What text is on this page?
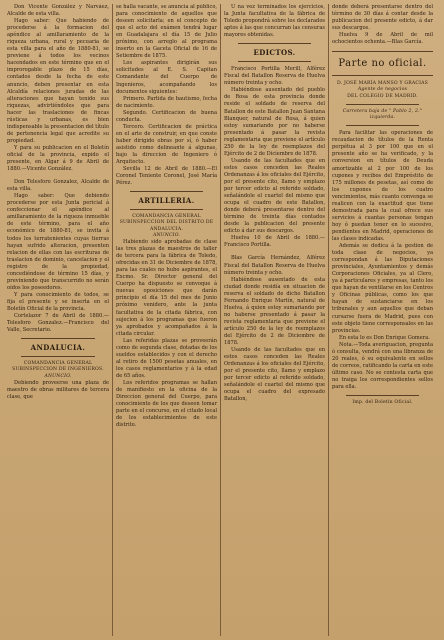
Don Vicente González y Narváez, Alcalde de esta villa.

Hago saber: Que habiendo de procederse á la formacion del apéndice al amillaramiento de la riqueza urbana, rural y pecuaria de esta villa para el año de 1880-81, se previene á todos los vecinos hacendados en este término que en el improrogable plazo de 15 días, contados desde la fecha de este anuncio, deben presentar en esta Alcaldía relaciones juradas de las alteraciones que hayan tenido sus riquezas, advirtiéndoles que para hacer las traslaciones de fincas rústicas y urbanas, es bien indispensable la presentacion del título de pertenencia legal que acredite su propiedad.

Y para su publicacion en el Boletín oficial de la provincia, expido el presente, en Algar á 9 de Abril de 1880.—Vicente González.

Don Telesforo Gonzalez, Alcalde de esta villa.

Hago saber: Que debiendo procederse por esta Junta pericial á confeccionar el apéndice al amillaramiento de la riqueza inmueble de este término, para el año económico de 1880-81, se invita á todos los terratenientes cuyas tierras hayan sufrido alteracion, presenten relacion de ellas con las escrituras de traslacion de dominio, cancelacion y el registro de la propiedad, concediéndose de término 15 días, y previniendo que transcurrido no serán oidos los poseedores.

Y para conocimiento de todos, se fija el presente y se inserta en el Boletín Oficial de la provincia.

Cortelazor 7 de Abril de 1880.—Telesforo Gonzalez.—Francisco del Valle, Secretario.

ANDALUCIA.
COMANDANCIA GENERAL SUBINSPECCION DE INGENIEROS.
ANUNCIO.

Debiendo proveerse una plaza de maestro de obras militares de tercera clase, que

se halla vacante, se anuncia al público, para conocimiento de aquellos que deseen solicitarla; en el concepto de que el acto del exámen tendrá lugar en Guadalajara el día 15 de Julio próximo, con arreglo al programa inserto en la Gaceta Oficial de 16 de Setiembre de 1875.

Los aspirantes dirigirán sus solicitudes al E. S. Capitan Comandante del Cuerpo de Ingenieros, acompañando los documentos siguientes:

Primero. Partida de bautismo, fecha de nacimiento.

Segundo. Certificacion de buena conducta.

Tercero. Certificacion de práctica en el arte de construir, en que conste haber dirigido obras por sí, ó haber asistido como delineante á algunas, bajo la direccion de Ingeniero ó Arquitecto.

Sevilla 12 de Abril de 1880.—El Coronel Teniente Coronel, José María Pérez.

ARTILLERIA.
COMANDANCIA GENERAL SUBINSPECCION DEL DISTRITO DE ANDALUCIA.
ANUNCIO.

Habiendo sido aprobadas de clase las tres plazas de maestros de taller de tercera para la fábrica de Toledo, ofrecidas en 31 de Diciembre de 1878, para las cuales no hubo aspirantes, el Excmo. Sr. Director general del Cuerpo ha dispuesto se convoque á nuevas oposiciones que darán principio el día 15 del mes de Junio próximo venidero, ante la junta facultativa de la citada fábrica, con sujecion á los programas que fueron ya aprobados y acompañados á la citada circular.

Las referidas plazas se proveerán como de segunda clase, dotadas de los sueldos establecidos y con el derecho al retiro de 1500 pesetas anuales, en los casos reglamentarios y á la edad de 65 años.

Los referidos programas se hallan de manifiesto en la oficina de la Direccion general del Cuerpo, para conocimiento de los que deseen tomar parte en el concurso, en el citado local de los establecimientos de este distrito.

U na vez terminados los ejercicios, la Junta facultativa de la fábrica de Toledo propondrá sobre los declarados aptos á las que concurran las censuras mayores obtenidas.

EDICTOS.

Francisco Portilla Merill, Alférez Fiscal del Batallon Reserva de Huelva número treinta y ocho.

Habiéndose ausentado del pueblo de Rosa de esta provincia donde reside el soldado de reserva del Batallon de este Batallon Juan Santana Blanquer, natural de Rosa, á quien estoy sumariando por no haberse presentado á pasar la revista reglamentaria que previene el artículo 250 de la ley de reemplazos del Ejército de 2 de Diciembre de 1878.

Usando de las facultades que en estos casos conceden las Reales Ordenanzas á los oficiales del Ejército, por el presente cito, llamo y emplazo por tercer edicto al referido soldado, señalándole el cuartel del mismo que ocupa el cuadro de este Batallon, donde deberá presentarse dentro del término de treinta días contados desde la publicacion del presente edicto á dar sus descargos.

Huelva 10 de Abril de 1880.—Francisco Portilla.

Blas García Hernández, Alférez Fiscal del Batallon Reserva de Huelva número treinta y ocho.

Habiéndose ausentado de esta ciudad donde residía en situacion de reserva el soldado de dicho Batallon Fernando Enrique Martín, natural de Huelva, á quien estoy sumariando por no haberse presentado á pasar la revista reglamentaria que previene el artículo 250 de la ley de reemplazos del Ejército de 2 de Diciembre de 1878.

Usando de las facultades que en estos casos conceden las Reales Ordenanzas á los oficiales del Ejército, por el presente cito, llamo y emplazo por tercer edicto al referido soldado, señalándole el cuartel del mismo que ocupa el cuadro del expresado Batallon,

donde deberá presentarse dentro del término de 30 días á contar desde la publicacion del presente edicto, á dar sus descargos.

Huelva 9 de Abril de mil ochocientos ochenta.—Blas García.

Parte no oficial.
D. JOSÉ MARÍA MANSO Y GRACIAS
Agente de negocios
DEL COLEGIO DE MADRID.
Carretera baja de " Pablo 2, 2.° izquierda.

Para facilitar las operaciones de recaudacion de títulos de la Renta perpétua al 3 por 100 que en el presente año se ha verificado, y la conversion en títulos de Deuda amortizable al 2 por 100 de los cupones y recibos del Empréstito de 175 millones de pesetas, así como de los cupones de los cuatro vencimientos, más cuanto convenga se realicen con la exactitud que tiene demostrada para la cual ofrece sus servicios á cuantas personas tengan hoy ó puedan tener en lo sucesivo, pendientes en Madrid, operaciones de las clases indicadas.

Además se dedica á la gestion de toda clase de negocios, ya correspondan á las Diputaciones provinciales, Ayuntamientos y demás Corporaciones Oficiales, ya al Clero, ya á particulares y empresas, tanto los que hayan de ventilarse en los Centros y Oficinas públicas, como los que hayan de sustanciarse en los tribunales y aun aquellos que deban cursarse fuera de Madrid, pues con este objeto tiene corresponsales en las provincias.

En esta lo es Don Enrique Gomera.

Nota.—Toda averiguacion, pregunta ó consulta, vendrá con una libranza de 20 reales, ó su equivalente en sellos de correos, ratificando la carta en este último caso. No se contesta carta que no traiga los correspondientes sellos para ella.

Imp. del Boletín Oficial.
